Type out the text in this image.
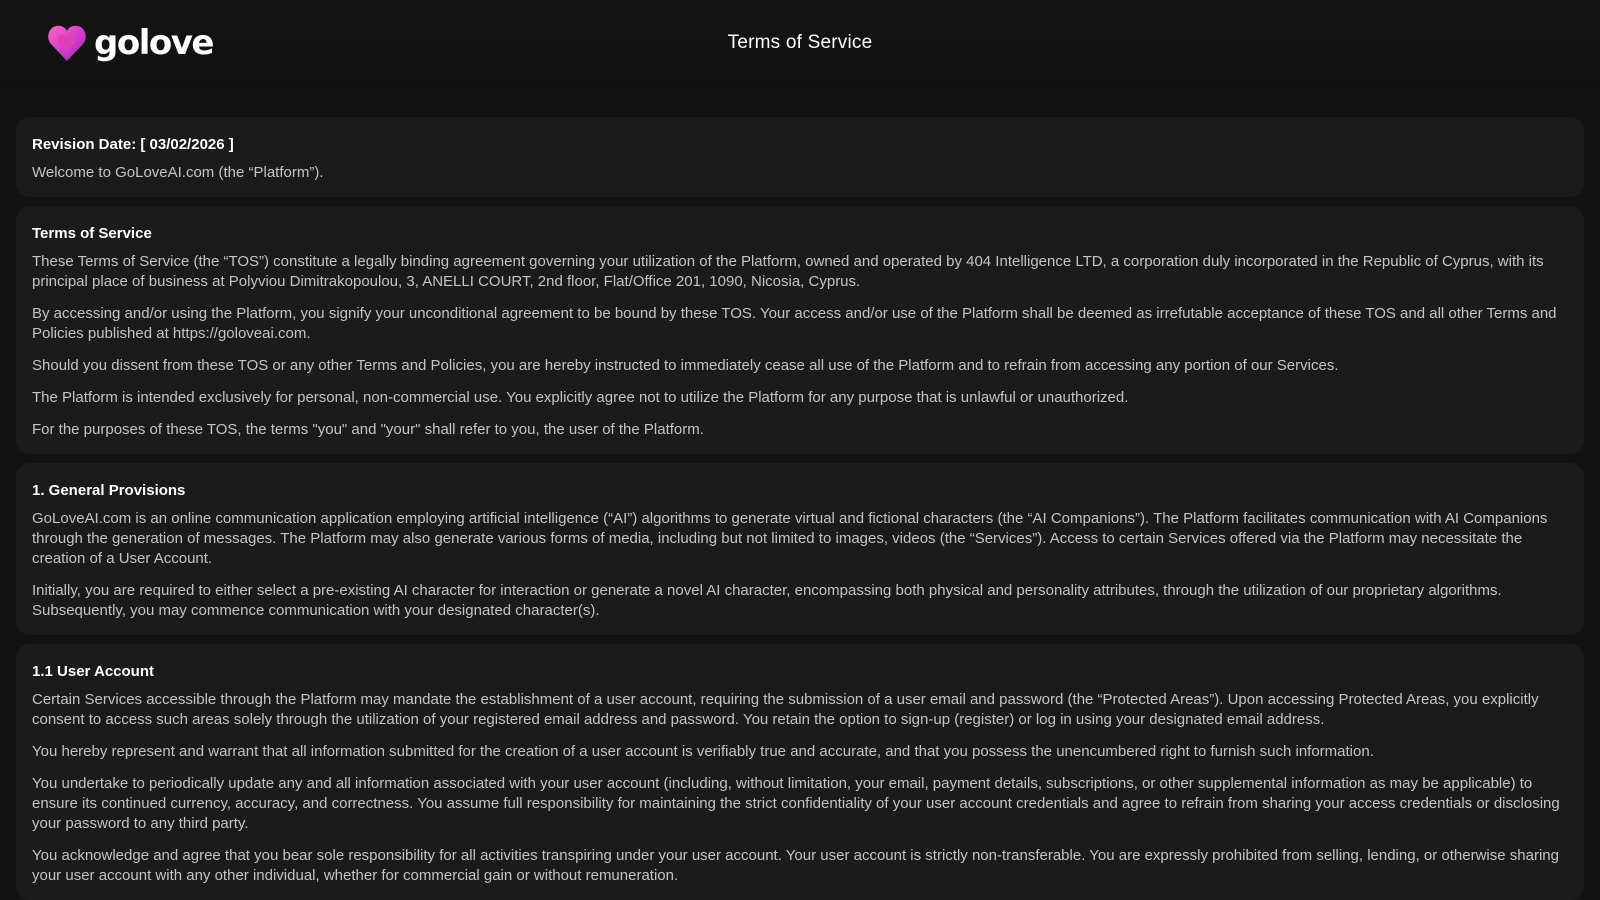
golove	Terms of Service
Revision Date: [ 03/02/2026 ]

Welcome to GoLoveAI.com (the “Platform”).

Terms of Service

These Terms of Service (the “TOS”) constitute a legally binding agreement governing your utilization of the Platform, owned and operated by 404 Intelligence LTD, a corporation duly incorporated in the Republic of Cyprus, with its principal place of business at Polyviou Dimitrakopoulou, 3, ANELLI COURT, 2nd floor, Flat/Office 201, 1090, Nicosia, Cyprus.

By accessing and/or using the Platform, you signify your unconditional agreement to be bound by these TOS. Your access and/or use of the Platform shall be deemed as irrefutable acceptance of these TOS and all other Terms and Policies published at https://goloveai.com.

Should you dissent from these TOS or any other Terms and Policies, you are hereby instructed to immediately cease all use of the Platform and to refrain from accessing any portion of our Services.

The Platform is intended exclusively for personal, non-commercial use. You explicitly agree not to utilize the Platform for any purpose that is unlawful or unauthorized.

For the purposes of these TOS, the terms "you" and "your" shall refer to you, the user of the Platform.

1. General Provisions

GoLoveAI.com is an online communication application employing artificial intelligence (“AI”) algorithms to generate virtual and fictional characters (the “AI Companions”). The Platform facilitates communication with AI Companions through the generation of messages. The Platform may also generate various forms of media, including but not limited to images, videos (the “Services”). Access to certain Services offered via the Platform may necessitate the creation of a User Account.

Initially, you are required to either select a pre-existing AI character for interaction or generate a novel AI character, encompassing both physical and personality attributes, through the utilization of our proprietary algorithms. Subsequently, you may commence communication with your designated character(s).

1.1 User Account

Certain Services accessible through the Platform may mandate the establishment of a user account, requiring the submission of a user email and password (the “Protected Areas”). Upon accessing Protected Areas, you explicitly consent to access such areas solely through the utilization of your registered email address and password. You retain the option to sign-up (register) or log in using your designated email address.

You hereby represent and warrant that all information submitted for the creation of a user account is verifiably true and accurate, and that you possess the unencumbered right to furnish such information.

You undertake to periodically update any and all information associated with your user account (including, without limitation, your email, payment details, subscriptions, or other supplemental information as may be applicable) to ensure its continued currency, accuracy, and correctness. You assume full responsibility for maintaining the strict confidentiality of your user account credentials and agree to refrain from sharing your access credentials or disclosing your password to any third party.

You acknowledge and agree that you bear sole responsibility for all activities transpiring under your user account. Your user account is strictly non-transferable. You are expressly prohibited from selling, lending, or otherwise sharing your user account with any other individual, whether for commercial gain or without remuneration.
